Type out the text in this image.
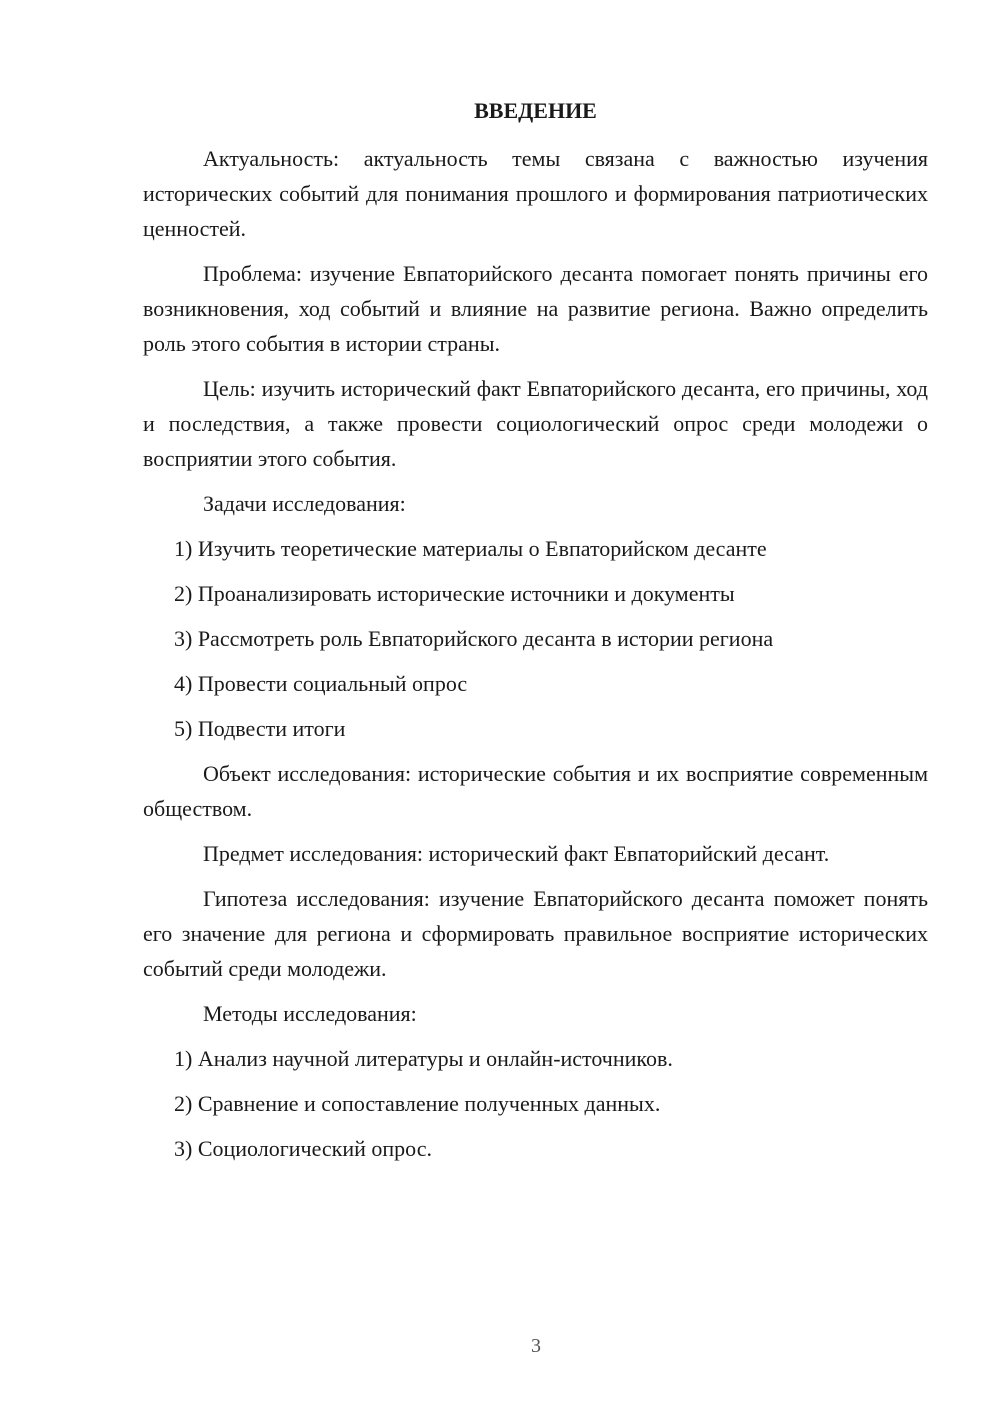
ВВЕДЕНИЕ

Актуальность: актуальность темы связана с важностью изучения исторических событий для понимания прошлого и формирования патриотических ценностей.

Проблема: изучение Евпаторийского десанта помогает понять причины его возникновения, ход событий и влияние на развитие региона. Важно определить роль этого события в истории страны.

Цель: изучить исторический факт Евпаторийского десанта, его причины, ход и последствия, а также провести социологический опрос среди молодежи о восприятии этого события.

Задачи исследования:

1) Изучить теоретические материалы о Евпаторийском десанте

2) Проанализировать исторические источники и документы

3) Рассмотреть роль Евпаторийского десанта в истории региона

4) Провести социальный опрос

5) Подвести итоги

Объект исследования: исторические события и их восприятие современным обществом.

Предмет исследования: исторический факт Евпаторийский десант.

Гипотеза исследования: изучение Евпаторийского десанта поможет понять его значение для региона и сформировать правильное восприятие исторических событий среди молодежи.

Методы исследования:

1) Анализ научной литературы и онлайн-источников.

2) Сравнение и сопоставление полученных данных.

3) Социологический опрос.

3
